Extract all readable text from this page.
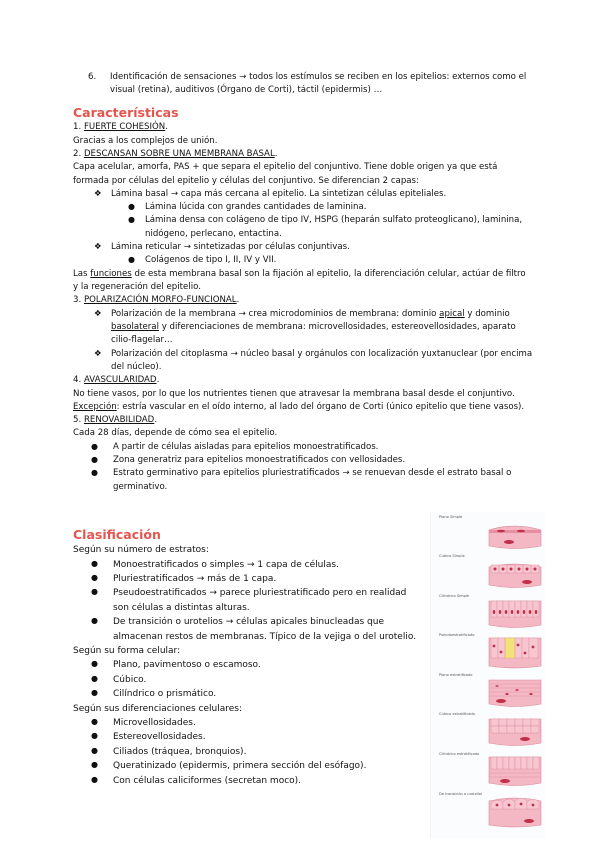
6. Identificación de sensaciones → todos los estímulos se reciben en los epitelios: externos como el visual (retina), auditivos (Órgano de Corti), táctil (epidermis) …
Características

1. FUERTE COHESIÓN.

Gracias a los complejos de unión.

2. DESCANSAN SOBRE UNA MEMBRANA BASAL.

Capa acelular, amorfa, PAS + que separa el epitelio del conjuntivo. Tiene doble origen ya que está formada por células del epitelio y células del conjuntivo. Se diferencian 2 capas:

❖ Lámina basal → capa más cercana al epitelio. La sintetizan células epiteliales.
● Lámina lúcida con grandes cantidades de laminina.
● Lámina densa con colágeno de tipo IV, HSPG (heparán sulfato proteoglicano), laminina, nidógeno, perlecano, entactina.
❖ Lámina reticular → sintetizadas por células conjuntivas.
● Colágenos de tipo I, II, IV y VII.

Las funciones de esta membrana basal son la fijación al epitelio, la diferenciación celular, actúar de filtro y la regeneración del epitelio.

3. POLARIZACIÓN MORFO-FUNCIONAL.

❖ Polarización de la membrana → crea microdominios de membrana: dominio apical y dominio basolateral y diferenciaciones de membrana: microvellosidades, estereovellosidades, aparato cilio-flagelar…
❖ Polarización del citoplasma → núcleo basal y orgánulos con localización yuxtanuclear (por encima del núcleo).

4. AVASCULARIDAD.

No tiene vasos, por lo que los nutrientes tienen que atravesar la membrana basal desde el conjuntivo.

Excepción: estría vascular en el oído interno, al lado del órgano de Corti (único epitelio que tiene vasos).

5. RENOVABILIDAD.

Cada 28 días, depende de cómo sea el epitelio.

● A partir de células aisladas para epitelios monoestratificados.
● Zona generatriz para epitelios monoestratificados con vellosidades.
● Estrato germinativo para epitelios pluriestratificados → se renuevan desde el estrato basal o germinativo.
Clasificación

Según su número de estratos:

● Monoestratificados o simples → 1 capa de células.
● Pluriestratificados → más de 1 capa.
● Pseudoestratificados → parece pluriestratificado pero en realidad son células a distintas alturas.
● De transición o urotelios → células apicales binucleadas que almacenan restos de membranas. Típico de la vejiga o del urotelio.

Según su forma celular:

● Plano, pavimentoso o escamoso.
● Cúbico.
● Cilíndrico o prismático.

Según sus diferenciaciones celulares:

● Microvellosidades.
● Estereovellosidades.
● Ciliados (tráquea, bronquios).
● Queratinizado (epidermis, primera sección del esófago).
● Con células caliciformes (secretan moco).
Plano Simple
Cúbico Simple
Cilíndrico Simple
Pseudoestratificado
Plano estratificado
Cúbico estratificado
Cilíndrico estratificado
De transición o urotelial
